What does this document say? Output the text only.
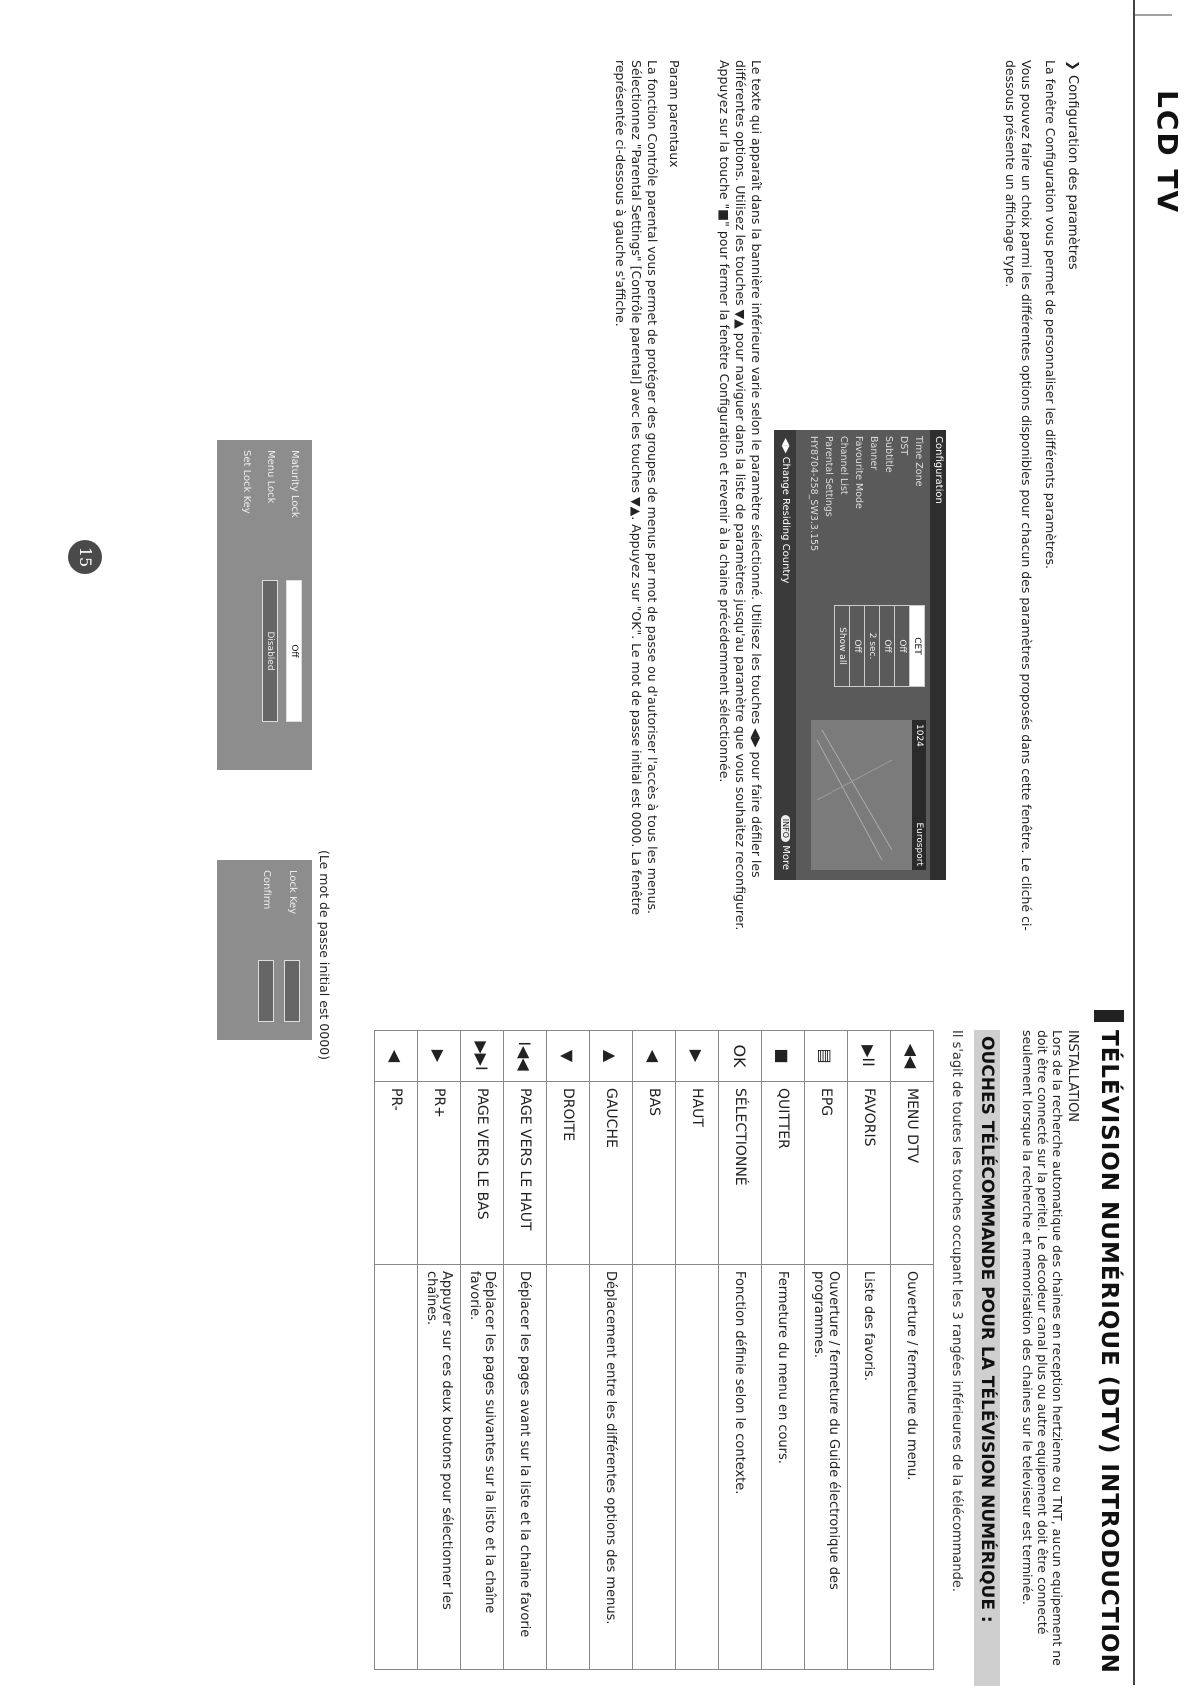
LCD TV
15
TÉLÉVISION NUMÉRIQUE (DTV) INTRODUCTION
INSTALLATION
Lors de la recherche automatique des chaines en reception hertzienne ou TNT, aucun equipement ne doit être connecté sur la peritel. Le decodeur canal plus ou autre equipement doit être connecté seulement lorsque la recherche et memorisation des chaines sur le televiseur est terminée.
OUCHES TÉLÉCOMMANDE POUR LA TÉLÉVISION NUMÉRIQUE :
Il s'agit de toutes les touches occupant les 3 rangées inférieures de la télécommande.
◀◀	MENU DTV	Ouverture / fermeture du menu.
▶II	FAVORIS	Liste des favoris.
▤	EPG	Ouverture / fermeture du Guide électronique des programmes.
■	QUITTER	Fermeture du menu en cours.
OK	SÉLECTIONNÉ	Fonction définie selon le contexte.
▶	HAUT	
◀	BAS	
▲	GAUCHE	Déplacement entre les différentes options des menus.
▼	DROITE	
I◀◀	PAGE VERS LE HAUT	Déplacer les pages avant sur la liste et la chaine favorie
▶▶I	PAGE VERS LE BAS	Déplacer les pages suivantes sur la listo et la chaîne favorie.
▶	PR+	Appuyer sur ces deux boutons pour sélectionner les chaînes.
◀	PR-	
❯ Configuration des paramètres
La fenêtre Configuration vous permet de personnaliser les différents paramètres.
Vous pouvez faire un choix parmi les différentes options disponibles pour chacun des paramètres proposés dans cette fenêtre. Le cliché ci-dessous présente un affichage type.
Configuration
Time Zone
CET
DST
Off
Subtitle
Off
Banner
2 sec.
Favourite Mode
Off
Channel List
Show all
Parental Settings
HY8704-258_SW3.3.155
1024
Eurosport
◀▶ Change Residing Country
INFO More
Le texte qui apparaît dans la bannière inférieure varie selon le paramètre sélectionné. Utilisez les touches ◀▶ pour faire défiler les différentes options. Utilisez les touches ▼▲ pour naviguer dans la liste de paramètres jusqu'au paramètre que vous souhaitez reconfigurer. Appuyez sur la touche "■" pour fermer la fenêtre Configuration et revenir à la chaine précédemment sélectionnée.
Param parentaux
La fonction Contrôle parental vous permet de protéger des groupes de menus par mot de passe ou d'autoriser l'accès à tous les menus. Sélectionnez "Parental Settings" [Contrôle parental] avec les touches ▼▲. Appuyez sur "OK". Le mot de passe initial est 0000. La fenêtre représentée ci-dessous à gauche s'affiche.
Maturity Lock
Off
Menu Lock
Disabled
Set Lock Key
Lock Key
Confirm	(Le mot de passe initial est 0000)
